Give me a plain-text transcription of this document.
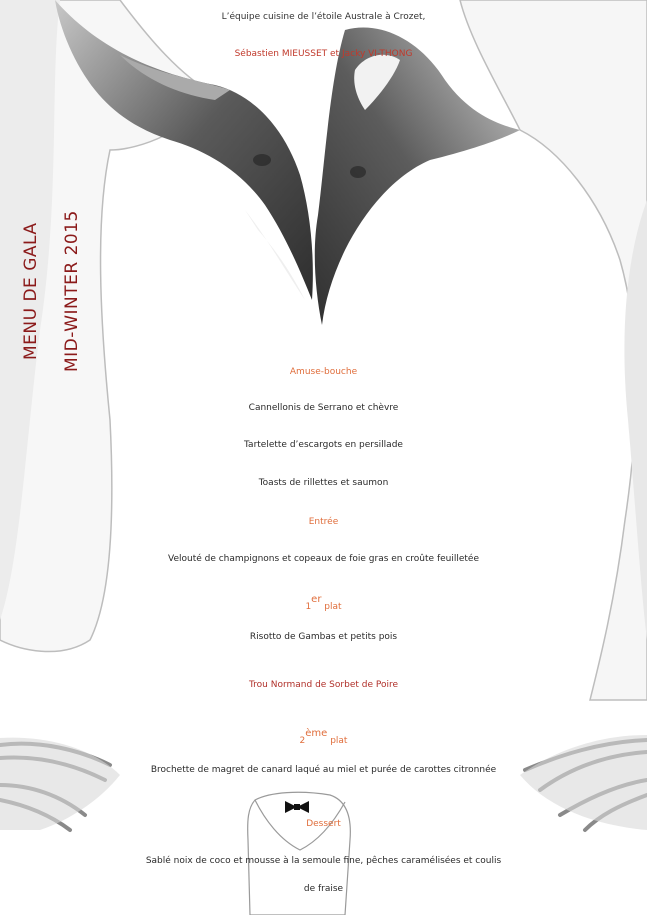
L’équipe cuisine de l’étoile Australe à Crozet,
Sébastien MIEUSSET et Jacky VI-THONG
MENU DE GALA MID-WINTER 2015	Amuse-bouche
Cannellonis de Serrano et chèvre
Tartelette d’escargots en persillade
Toasts de rillettes et saumon
Entrée
Velouté de champignons et copeaux de foie gras en croûte feuilletée
1er plat
Risotto de Gambas et petits pois
Trou Normand de Sorbet de Poire
2ème plat
Brochette de magret de canard laqué au miel et purée de carottes citronnée
Dessert
Sablé noix de coco et mousse à la semoule fine, pêches caramélisées et coulis
de fraise
